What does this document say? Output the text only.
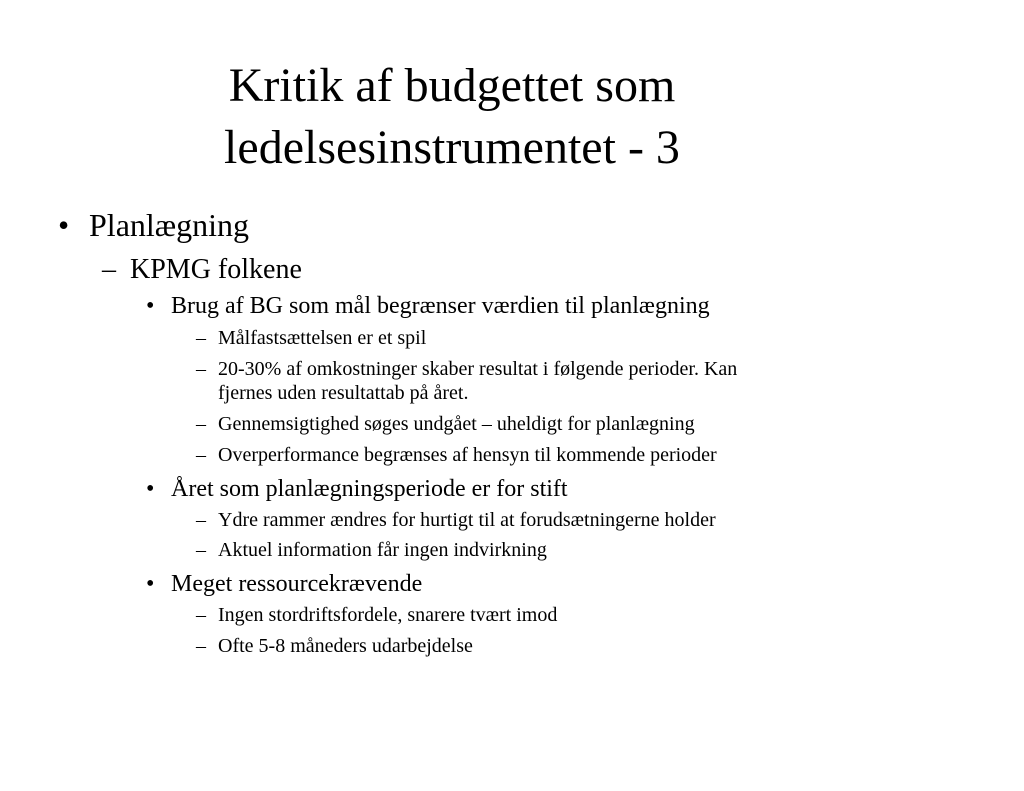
Kritik af budgettet som
ledelsesinstrumentet - 3
• Planlægning
– KPMG folkene
• Brug af BG som mål begrænser værdien til planlægning
– Målfastsættelsen er et spil
– 20-30% af omkostninger skaber resultat i følgende perioder. Kan
fjernes uden resultattab på året.
– Gennemsigtighed søges undgået – uheldigt for planlægning
– Overperformance begrænses af hensyn til kommende perioder
• Året som planlægningsperiode er for stift
– Ydre rammer ændres for hurtigt til at forudsætningerne holder
– Aktuel information får ingen indvirkning
• Meget ressourcekrævende
– Ingen stordriftsfordele, snarere tvært imod
– Ofte 5-8 måneders udarbejdelse
